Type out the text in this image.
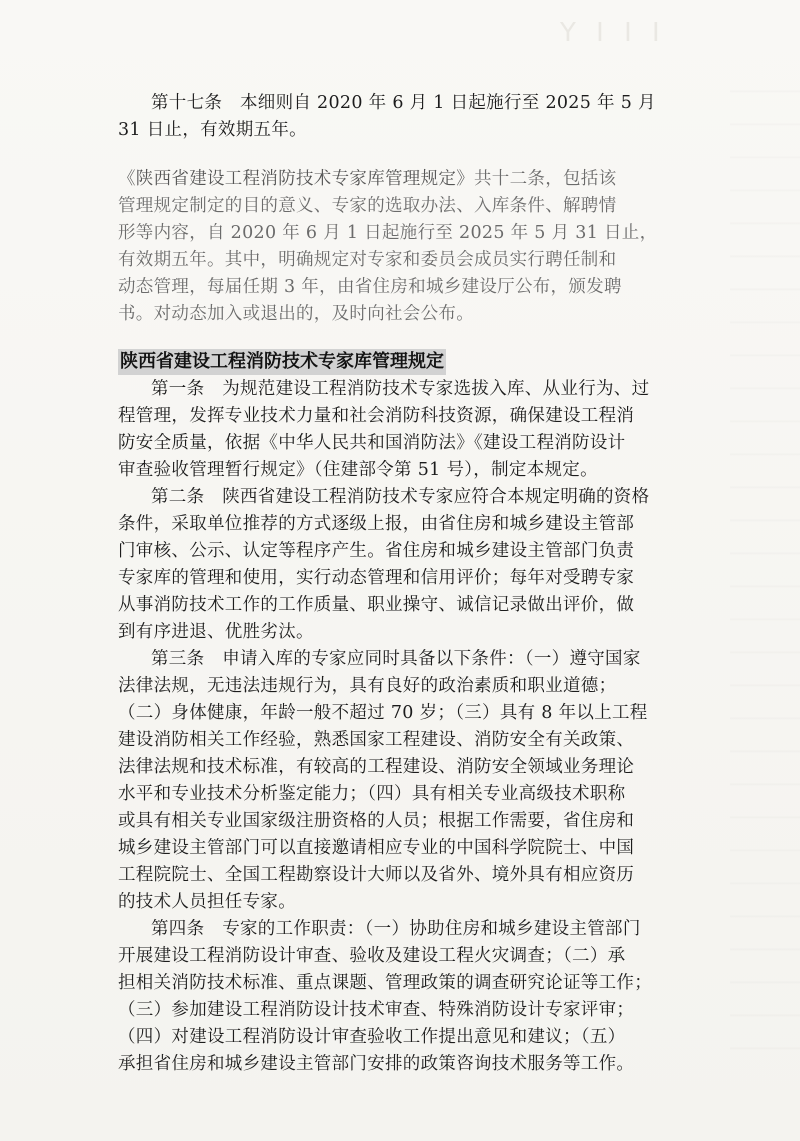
Y I I I
第十七条　本细则自 2020 年 6 月 1 日起施行至 2025 年 5 月
31 日止，有效期五年。
《陕西省建设工程消防技术专家库管理规定》共十二条，包括该
管理规定制定的目的意义、专家的选取办法、入库条件、解聘情
形等内容，自 2020 年 6 月 1 日起施行至 2025 年 5 月 31 日止，
有效期五年。其中，明确规定对专家和委员会成员实行聘任制和
动态管理，每届任期 3 年，由省住房和城乡建设厅公布，颁发聘
书。对动态加入或退出的，及时向社会公布。
陕西省建设工程消防技术专家库管理规定
第一条　为规范建设工程消防技术专家选拔入库、从业行为、过
程管理，发挥专业技术力量和社会消防科技资源，确保建设工程消
防安全质量，依据《中华人民共和国消防法》《建设工程消防设计
审查验收管理暂行规定》（住建部令第 51 号），制定本规定。
第二条　陕西省建设工程消防技术专家应符合本规定明确的资格
条件，采取单位推荐的方式逐级上报，由省住房和城乡建设主管部
门审核、公示、认定等程序产生。省住房和城乡建设主管部门负责
专家库的管理和使用，实行动态管理和信用评价；每年对受聘专家
从事消防技术工作的工作质量、职业操守、诚信记录做出评价，做
到有序进退、优胜劣汰。
第三条　申请入库的专家应同时具备以下条件：（一）遵守国家
法律法规，无违法违规行为，具有良好的政治素质和职业道德；
（二）身体健康，年龄一般不超过 70 岁；（三）具有 8 年以上工程
建设消防相关工作经验，熟悉国家工程建设、消防安全有关政策、
法律法规和技术标准，有较高的工程建设、消防安全领域业务理论
水平和专业技术分析鉴定能力；（四）具有相关专业高级技术职称
或具有相关专业国家级注册资格的人员；根据工作需要，省住房和
城乡建设主管部门可以直接邀请相应专业的中国科学院院士、中国
工程院院士、全国工程勘察设计大师以及省外、境外具有相应资历
的技术人员担任专家。
第四条　专家的工作职责：（一）协助住房和城乡建设主管部门
开展建设工程消防设计审查、验收及建设工程火灾调查；（二）承
担相关消防技术标准、重点课题、管理政策的调查研究论证等工作；
（三）参加建设工程消防设计技术审查、特殊消防设计专家评审；
（四）对建设工程消防设计审查验收工作提出意见和建议；（五）
承担省住房和城乡建设主管部门安排的政策咨询技术服务等工作。
